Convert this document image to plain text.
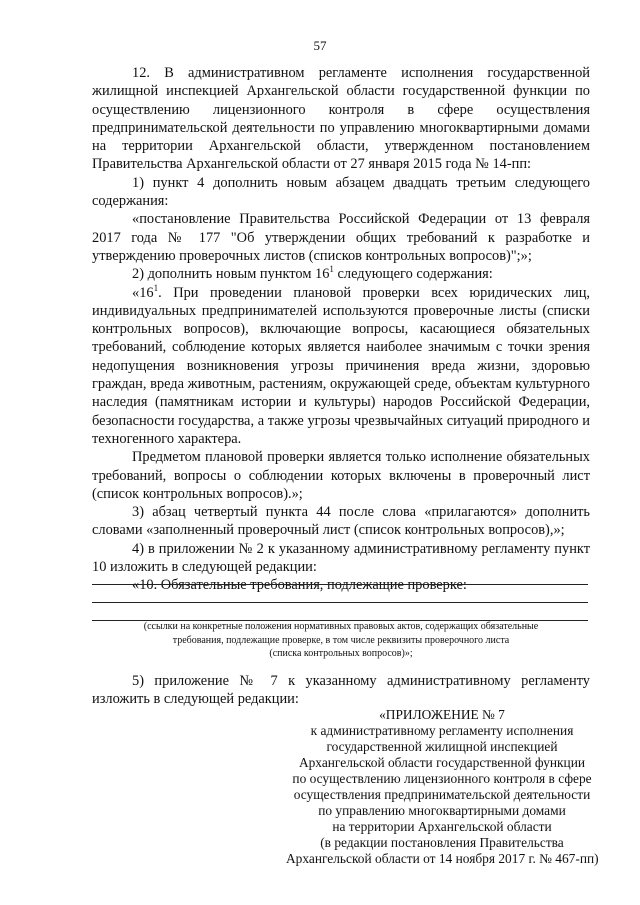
57

12. В административном регламенте исполнения государственной жилищной инспекцией Архангельской области государственной функции по осуществлению лицензионного контроля в сфере осуществления предпринимательской деятельности по управлению многоквартирными домами на территории Архангельской области, утвержденном постановлением Правительства Архангельской области от 27 января 2015 года № 14-пп:

1) пункт 4 дополнить новым абзацем двадцать третьим следующего содержания:

«постановление Правительства Российской Федерации от 13 февраля 2017 года № 177 "Об утверждении общих требований к разработке и утверждению проверочных листов (списков контрольных вопросов)";»;

2) дополнить новым пунктом $16^1$ следующего содержания:

«$16^1$. При проведении плановой проверки всех юридических лиц, индивидуальных предпринимателей используются проверочные листы (списки контрольных вопросов), включающие вопросы, касающиеся обязательных требований, соблюдение которых является наиболее значимым с точки зрения недопущения возникновения угрозы причинения вреда жизни, здоровью граждан, вреда животным, растениям, окружающей среде, объектам культурного наследия (памятникам истории и культуры) народов Российской Федерации, безопасности государства, а также угрозы чрезвычайных ситуаций природного и техногенного характера.

Предметом плановой проверки является только исполнение обязательных требований, вопросы о соблюдении которых включены в проверочный лист (список контрольных вопросов).»;

3) абзац четвертый пункта 44 после слова «прилагаются» дополнить словами «заполненный проверочный лист (список контрольных вопросов),»;

4) в приложении № 2 к указанному административному регламенту пункт 10 изложить в следующей редакции:

«10. Обязательные требования, подлежащие проверке:

(ссылки на конкретные положения нормативных правовых актов, содержащих обязательные
требования, подлежащие проверке, в том числе реквизиты проверочного листа
(списка контрольных вопросов)»;

5) приложение № 7 к указанному административному регламенту изложить в следующей редакции:

«ПРИЛОЖЕНИЕ № 7
к административному регламенту исполнения
государственной жилищной инспекцией
Архангельской области государственной функции
по осуществлению лицензионного контроля в сфере
осуществления предпринимательской деятельности
по управлению многоквартирными домами
на территории Архангельской области
(в редакции постановления Правительства
Архангельской области от 14 ноября 2017 г. № 467-пп)
